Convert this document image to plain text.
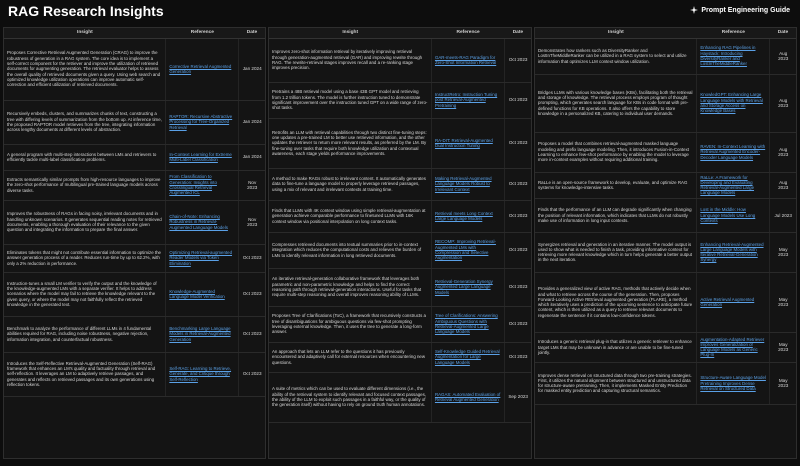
RAG Research Insights	Prompt Engineering Guide
Insight	Reference	Date
Proposes Corrective Retrieval Augmented Generation (CRAG) to improve the robustness of generation in a RAG system. The core idea is to implement a self-correct component for the retriever and improve the utilization of retrieved documents for augmenting generation. The retrieval evaluator helps to assess the overall quality of retrieved documents given a query. Using web search and optimized knowledge utilization operations can improve automatic self-correction and efficient utilization of retrieved documents.	Corrective Retrieval Augmented Generation	Jan 2024
Recursively embeds, clusters, and summarizes chunks of text, constructing a tree with differing levels of summarization from the bottom up. At inference time, the proposed RAPTOR model retrieves from the tree, integrating information across lengthy documents at different levels of abstraction.	RAPTOR: Recursive Abstractive Processing for Tree-Organized Retrieval	Jan 2024
A general program with multi-step interactions between LMs and retrievers to efficiently tackle multi-label classification problems.	In-Context Learning for Extreme Multi-Label Classification	Jan 2024
Extracts semantically similar prompts from high-resource languages to improve the zero-shot performance of multilingual pre-trained language models across diverse tasks.	From Classification to Generation: Insights into Crosslingual Retrieval Augmented ICL	Nov 2023
Improves the robustness of RAGs in facing noisy, irrelevant documents and in handling unknown scenarios. It generates sequential reading notes for retrieved documents, enabling a thorough evaluation of their relevance to the given question and integrating the information to prepare the final answer.	Chain-of-Note: Enhancing Robustness in Retrieval-Augmented Language Models	Nov 2023
Eliminates tokens that might not contribute essential information to optimize the answer generation process of a reader. Reduces run-time by up to 62.2%, with only a 2% reduction in performance.	Optimizing Retrieval-augmented Reader Models via Token Elimination	Oct 2023
Instruction-tunes a small LM verifier to verify the output and the knowledge of the knowledge-augmented LMs with a separate verifier. It helps to address scenarios where the model may fail to retrieve the knowledge relevant to the given query, or where the model may not faithfully reflect the retrieved knowledge in the generated text.	Knowledge-Augmented Language Model Verification	Oct 2023
Benchmark to analyze the performance of different LLMs in 4 fundamental abilities required for RAG, including noise robustness, negative rejection, information integration, and counterfactual robustness.	Benchmarking Large Language Models in Retrieval-Augmented Generation	Oct 2023
Introduces the Self-Reflective Retrieval-Augmented Generation (Self-RAG) framework that enhances an LM's quality and factuality through retrieval and self-reflection. It leverages an LM to adaptively retrieve passages, and generates and reflects on retrieved passages and its own generations using reflection tokens.	Self-RAG: Learning to Retrieve, Generate, and Critique through Self-Reflection	Oct 2023
Insight	Reference	Date
Improves zero-shot information retrieval by iteratively improving retrieval through generation-augmented retrieval (GAR) and improving rewrite through RAG. The rewrite-retrieval stages improves recall and a re-ranking stage improves precision.	GAR-meets-RAG Paradigm for Zero-Shot Information Retrieval	Oct 2023
Pretrains a 48B retrieval model using a base 43B GPT model and retrieving from 1.2 trillion tokens. The model is further instruction tuned to demonstrate significant improvement over the instruction tuned GPT on a wide range of zero-shot tasks.	InstructRetro: Instruction Tuning post Retrieval-Augmented Pretraining	Oct 2023
Retrofits an LLM with retrieval capabilities through two distinct fine-tuning steps: one updates a pre-trained LM to better use retrieved information, and the other updates the retriever to return more relevant results, as preferred by the LM. By fine-tuning over tasks that require both knowledge utilization and contextual awareness, each stage yields performance improvements.	RA-DIT: Retrieval-Augmented Dual Instruction Tuning	Oct 2023
A method to make RAGs robust to irrelevant content. It automatically generates data to fine-tune a language model to properly leverage retrieved passages, using a mix of relevant and irrelevant contexts at training time.	Making Retrieval-Augmented Language Models Robust to Irrelevant Context	Oct 2023
Finds that LLMs with 4K context window using simple retrieval-augmentation at generation achieve comparable performance to finetuned LLMs with 16K context window via positional interpolation on long context tasks.	Retrieval meets Long Context Large Language Models	Oct 2023
Compresses retrieved documents into textual summaries prior to in-context integration which reduces the computational costs and relieves the burden of LMs to identify relevant information in long retrieved documents.	RECOMP: Improving Retrieval-Augmented LMs with Compression and Selective Augmentation	Oct 2023
An iterative retrieval-generation collaborative framework that leverages both parametric and non-parametric knowledge and helps to find the correct reasoning path through retrieval-generation interactions. Useful for tasks that require multi-step reasoning and overall improves reasoning ability of LLMs.	Retrieval-Generation Synergy Augmented Large Language Models	Oct 2023
Proposes Tree of Clarifications (ToC), a framework that recursively constructs a tree of disambiguations for ambiguous questions via few-shot prompting leveraging external knowledge. Then, it uses the tree to generate a long-form answer.	Tree of Clarifications: Answering Ambiguous Questions with Retrieval-Augmented Large Language Models	Oct 2023
An approach that lets an LLM refer to the questions it has previously encountered and adaptively call for external resources when encountering new questions.	Self-Knowledge Guided Retrieval Augmentation for Large Language Models	Oct 2023
A suite of metrics which can be used to evaluate different dimensions (i.e., the ability of the retrieval system to identify relevant and focused context passages, the ability of the LLM to exploit such passages in a faithful way, or the quality of the generation itself) without having to rely on ground truth human annotations.	RAGAS: Automated Evaluation of Retrieval Augmented Generation	Sep 2023
Insight	Reference	Date
Demonstrates how rankers such as DiversityRanker and LostInTheMiddleRanker can be utilized in a RAG system to select and utilize information that optimizes LLM context window utilization.	Enhancing RAG Pipelines in Haystack: Introducing DiversityRanker and LostInTheMiddleRanker	Aug 2023
Bridges LLMs with various knowledge bases (KBs), facilitating both the retrieval and storage of knowledge. The retrieval process employs program of thought prompting, which generates search language for KBs in code format with pre-defined functions for KB operations. It also offers the capability to store knowledge in a personalized KB, catering to individual user demands.	KnowledGPT: Enhancing Large Language Models with Retrieval and Storage Access on Knowledge Bases	Aug 2023
Proposes a model that combines retrieval-augmented masked language modeling and prefix language modeling. Then, it introduces Fusion-in-Context Learning to enhance few-shot performance by enabling the model to leverage more in-context examples without requiring additional training.	RAVEN: In-Context Learning with Retrieval Augmented Encoder-Decoder Language Models	Aug 2023
RaLLe is an open-source framework to develop, evaluate, and optimize RAG systems for knowledge-intensive tasks.	RaLLe: A Framework for Developing and Evaluating Retrieval-Augmented Large Language Models	Aug 2023
Finds that the performance of an LLM can degrade significantly when changing the position of relevant information, which indicates that LLMs do not robustly make use of information in long input contexts.	Lost in the Middle: How Language Models Use Long Contexts	Jul 2023
Synergizes retrieval and generation in an iterative manner. The model output is used to show what is needed to finish a task, providing informative context for retrieving more relevant knowledge which in turn helps generate a better output in the next iteration.	Enhancing Retrieval-Augmented Large Language Models with Iterative Retrieval-Generation Synergy	May 2023
Provides a generalized view of active RAG, methods that actively decide when and what to retrieve across the course of the generation. Then, proposes Forward-Looking Active REtrieval augmented generation (FLARE), a method which iteratively uses a prediction of the upcoming sentence to anticipate future content, which is then utilized as a query to retrieve relevant documents to regenerate the sentence if it contains low-confidence tokens.	Active Retrieval Augmented Generation	May 2023
Introduces a generic retrieval plug-in that utilizes a generic retriever to enhance target LMs that may be unknown in advance or are unable to be fine-tuned jointly.	Augmentation-Adapted Retriever Improves Generalization of Language Models as Generic Plug-In	May 2023
Improves dense retrieval on structured data through two pre-training strategies. First, it utilizes the natural alignment between structured and unstructured data for structure-aware pretraining. Then, it implements Masked Entity Prediction for masked entity prediction and capturing structural semantics.	Structure-Aware Language Model Pretraining Improves Dense Retrieval on Structured Data	May 2023
